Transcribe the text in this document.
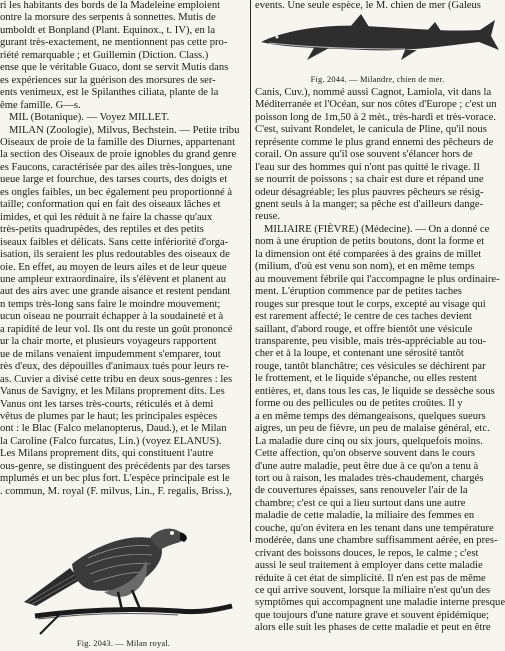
ri les habitants des bords de la Madeleine emploient
ontre la morsure des serpents à sonnettes. Mutis de
umboldt et Bonpland (Plant. Equinox., t. IV), en la
gurant très-exactement, ne mentionnent pas cette pro-
riété remarquable ; et Guillemin (Diction. Class.)
ense que le véritable Guaco, dont se servit Mutis dans
es expériences sur la guérison des morsures de ser-
ents venimeux, est le Spilanthes ciliata, plante de la
ême famille. G—s.
MIL (Botanique). — Voyez MILLET.
MILAN (Zoologie), Milvus, Bechstein. — Petite tribu
Oiseaux de proie de la famille des Diurnes, appartenant
la section des Oiseaux de proie ignobles du grand genre
es Faucons, caractérisée par des ailes très-longues, une
ueue large et fourchue, des tarses courts, des doigts et
es ongles faibles, un bec également peu proportionné à
taille; conformation qui en fait des oiseaux lâches et
imides, et qui les réduit à ne faire la chasse qu'aux
très-petits quadrupèdes, des reptiles et des petits
iseaux faibles et délicats. Sans cette infériorité d'orga-
isation, ils seraient les plus redoutables des oiseaux de
oie. En effet, au moyen de leurs ailes et de leur queue
une ampleur extraordinaire, ils s'élèvent et planent au
aut des airs avec une grande aisance et restent pendant
n temps très-long sans faire le moindre mouvement;
ucun oiseau ne pourrait échapper à la soudaineté et à
a rapidité de leur vol. Ils ont du reste un goût prononcé
ur la chair morte, et plusieurs voyageurs rapportent
ue de milans venaient impudemment s'emparer, tout
rès d'eux, des dépouilles d'animaux tués pour leurs re-
as. Cuvier a divisé cette tribu en deux sous-genres : les
Vanus de Savigny, et les Milans proprement dits. Les
Vanus ont les tarses très-courts, réticulés et à demi
vêtus de plumes par le haut; les principales espèces
ont : le Blac (Falco melanopterus, Daud.), et le Milan
la Caroline (Falco furcatus, Lin.) (voyez ELANUS).
Les Milans proprement dits, qui constituent l'autre
ous-genre, se distinguent des précédents par des tarses
mplumés et un bec plus fort. L'espèce principale est le
. commun, M. royal (F. milvus, Lin., F. regalis, Briss.),
Fig. 2043. — Milan royal.
events. Une seule espèce, le M. chien de mer (Galeus
Fig. 2044. — Milandre, chien de mer.
Canis, Cuv.), nommé aussi Cagnot, Lamiola, vit dans la
Méditerranée et l'Océan, sur nos côtes d'Europe ; c'est un
poisson long de 1m,50 à 2 mèt., très-hardi et très-vorace.
C'est, suivant Rondelet, le canicula de Pline, qu'il nous
représente comme le plus grand ennemi des pêcheurs de
corail. On assure qu'il ose souvent s'élancer hors de
l'eau sur des hommes qui n'ont pas quitté le rivage. Il
se nourrit de poissons ; sa chair est dure et répand une
odeur désagréable; les plus pauvres pêcheurs se résig-
gnent seuls à la manger; sa pêche est d'ailleurs dange-
reuse.
MILIAIRE (FIÈVRE) (Médecine). — On a donné ce
nom à une éruption de petits boutons, dont la forme et
la dimension ont été comparées à des grains de millet
(milium, d'où est venu son nom), et en même temps
au mouvement fébrile qui l'accompagne le plus ordinaire-
ment. L'éruption commence par de petites taches
rouges sur presque tout le corps, excepté au visage qui
est rarement affecté; le centre de ces taches devient
saillant, d'abord rouge, et offre bientôt une vésicule
transparente, peu visible, mais très-appréciable au tou-
cher et à la loupe, et contenant une sérosité tantôt
rouge, tantôt blanchâtre; ces vésicules se déchirent par
le frottement, et le liquide s'épanche, ou elles restent
entières, et, dans tous les cas, le liquide se dessèche sous
forme ou des pellicules ou de petites croûtes. Il y
a en même temps des démangeaisons, quelques sueurs
aigres, un peu de fièvre, un peu de malaise général, etc.
La maladie dure cinq ou six jours, quelquefois moins.
Cette affection, qu'on observe souvent dans le cours
d'une autre maladie, peut être due à ce qu'on a tenu à
tort ou à raison, les malades très-chaudement, chargés
de couvertures épaisses, sans renouveler l'air de la
chambre; c'est ce qui a lieu surtout dans une autre
maladie de cette maladie, la miliaire des femmes en
couche, qu'on évitera en les tenant dans une température
modérée, dans une chambre suffisamment aérée, en pres-
crivant des boissons douces, le repos, le calme ; c'est
aussi le seul traitement à employer dans cette maladie
réduite à cet état de simplicité. Il n'en est pas de même
ce qui arrive souvent, lorsque la miliaire n'est qu'un des
symptômes qui accompagnent une maladie interne presque
que toujours d'une nature grave et souvent épidémique;
alors elle suit les phases de cette maladie et peut en être
